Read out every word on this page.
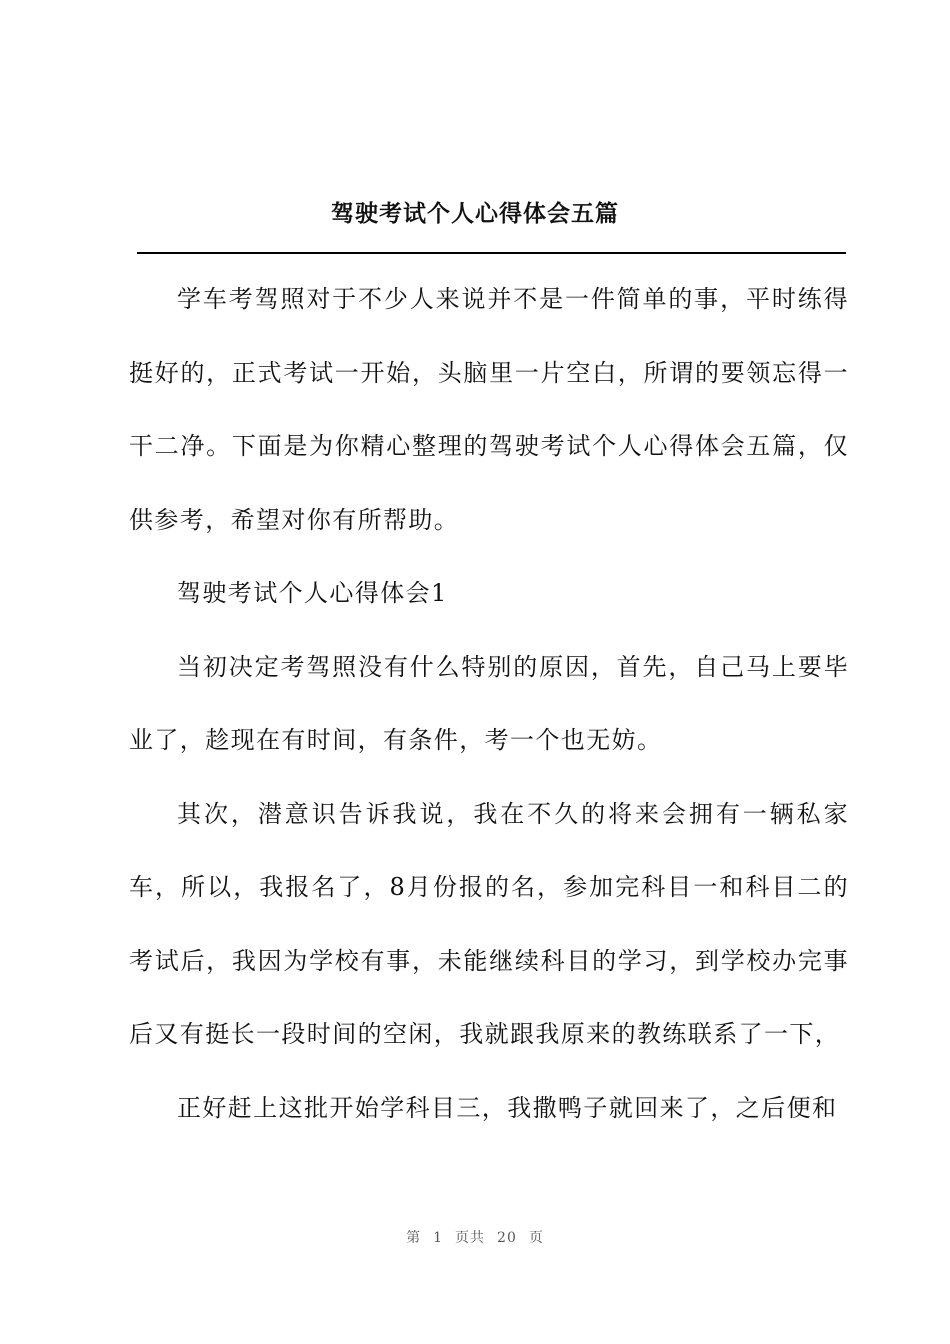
驾驶考试个人心得体会五篇

学车考驾照对于不少人来说并不是一件简单的事，平时练得挺好的，正式考试一开始，头脑里一片空白，所谓的要领忘得一干二净。下面是为你精心整理的驾驶考试个人心得体会五篇，仅供参考，希望对你有所帮助。

驾驶考试个人心得体会1

当初决定考驾照没有什么特别的原因，首先，自己马上要毕业了，趁现在有时间，有条件，考一个也无妨。

其次，潜意识告诉我说，我在不久的将来会拥有一辆私家车，所以，我报名了，8月份报的名，参加完科目一和科目二的考试后，我因为学校有事，未能继续科目的学习，到学校办完事后又有挺长一段时间的空闲，我就跟我原来的教练联系了一下，

正好赶上这批开始学科目三，我撒鸭子就回来了，之后便和

第 1 页共 20 页
